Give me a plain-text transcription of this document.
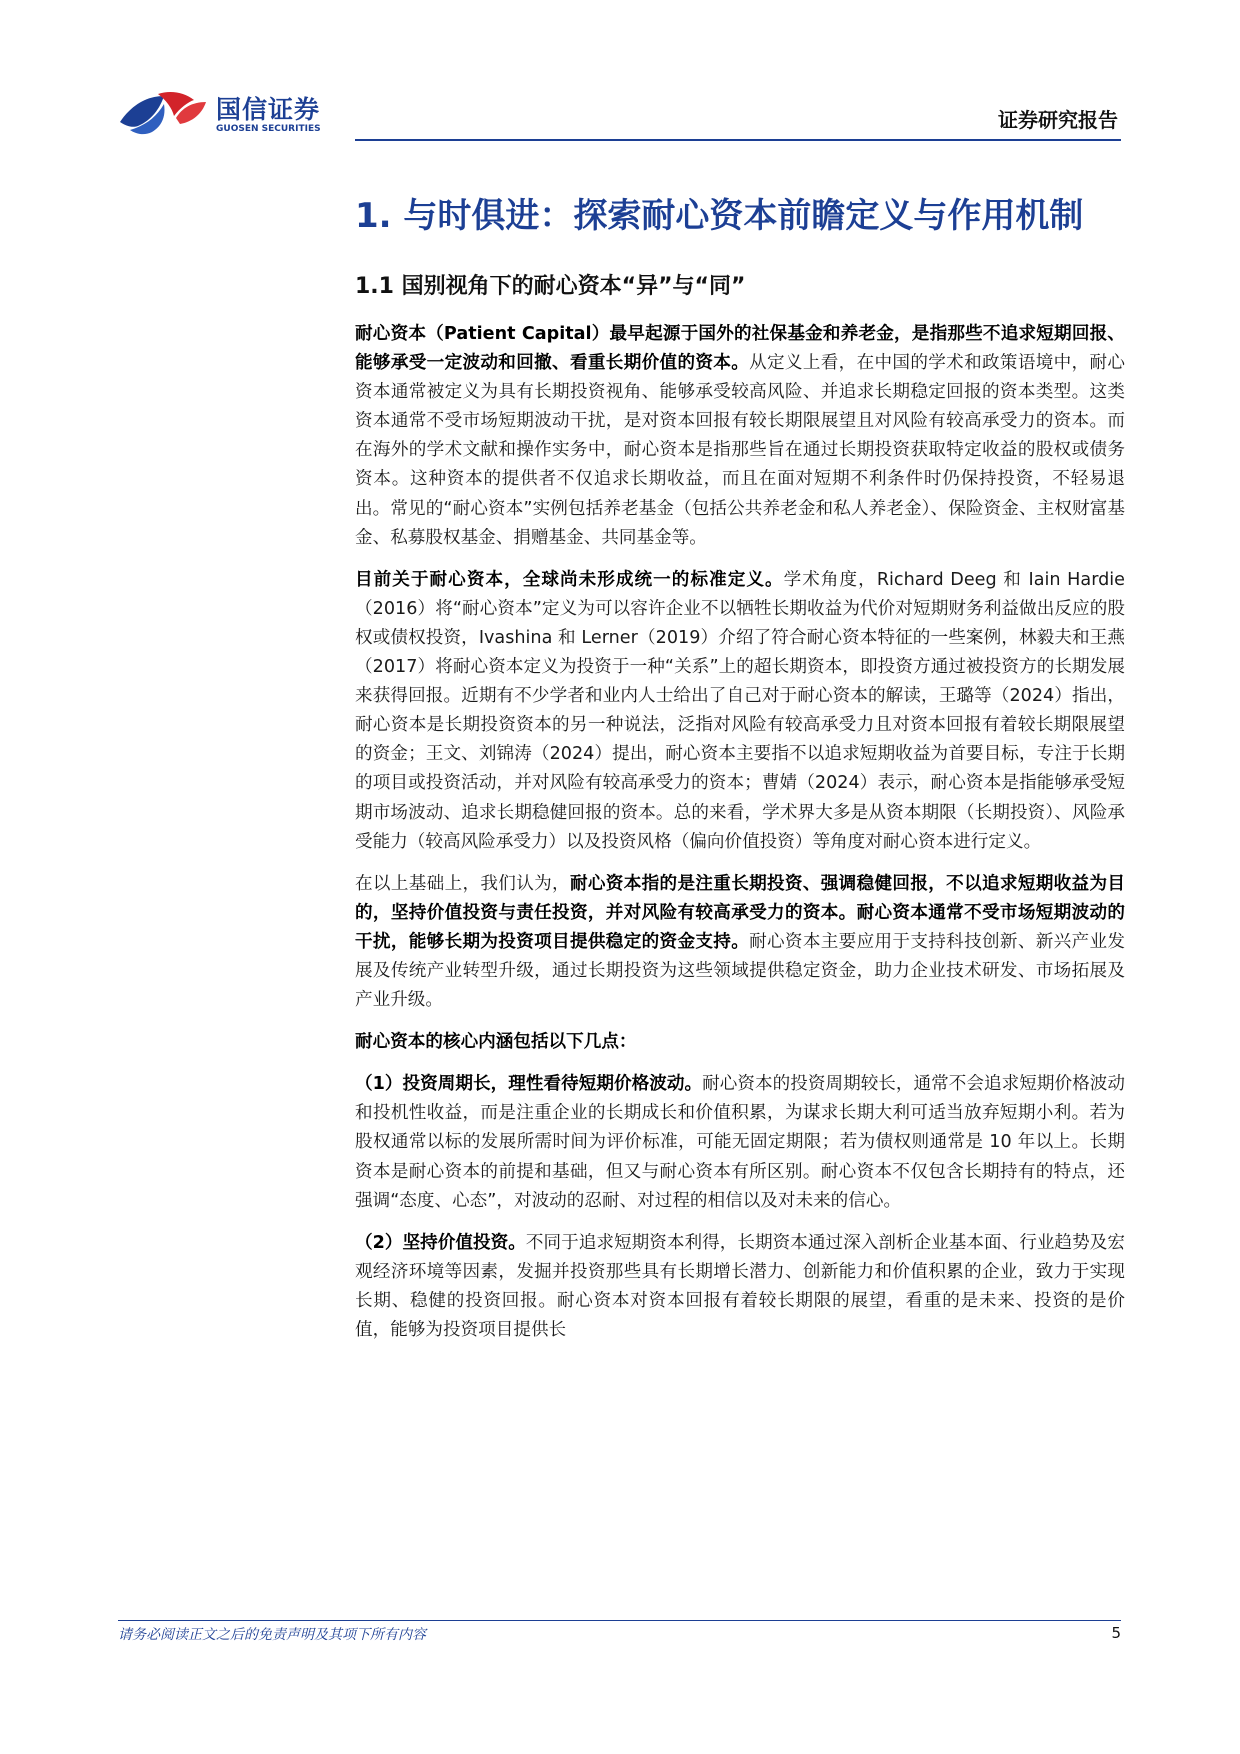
国信证券
GUOSEN SECURITIES	证券研究报告
1. 与时俱进：探索耐心资本前瞻定义与作用机制
1.1 国别视角下的耐心资本“异”与“同”

耐心资本（Patient Capital）最早起源于国外的社保基金和养老金，是指那些不追求短期回报、能够承受一定波动和回撤、看重长期价值的资本。从定义上看，在中国的学术和政策语境中，耐心资本通常被定义为具有长期投资视角、能够承受较高风险、并追求长期稳定回报的资本类型。这类资本通常不受市场短期波动干扰，是对资本回报有较长期限展望且对风险有较高承受力的资本。而在海外的学术文献和操作实务中，耐心资本是指那些旨在通过长期投资获取特定收益的股权或债务资本。这种资本的提供者不仅追求长期收益，而且在面对短期不利条件时仍保持投资，不轻易退出。常见的“耐心资本”实例包括养老基金（包括公共养老金和私人养老金）、保险资金、主权财富基金、私募股权基金、捐赠基金、共同基金等。

目前关于耐心资本，全球尚未形成统一的标准定义。学术角度，Richard Deeg 和 Iain Hardie（2016）将“耐心资本”定义为可以容许企业不以牺牲长期收益为代价对短期财务利益做出反应的股权或债权投资，Ivashina 和 Lerner（2019）介绍了符合耐心资本特征的一些案例，林毅夫和王燕（2017）将耐心资本定义为投资于一种“关系”上的超长期资本，即投资方通过被投资方的长期发展来获得回报。近期有不少学者和业内人士给出了自己对于耐心资本的解读，王璐等（2024）指出，耐心资本是长期投资资本的另一种说法，泛指对风险有较高承受力且对资本回报有着较长期限展望的资金；王文、刘锦涛（2024）提出，耐心资本主要指不以追求短期收益为首要目标，专注于长期的项目或投资活动，并对风险有较高承受力的资本；曹婧（2024）表示，耐心资本是指能够承受短期市场波动、追求长期稳健回报的资本。总的来看，学术界大多是从资本期限（长期投资）、风险承受能力（较高风险承受力）以及投资风格（偏向价值投资）等角度对耐心资本进行定义。

在以上基础上，我们认为，耐心资本指的是注重长期投资、强调稳健回报，不以追求短期收益为目的，坚持价值投资与责任投资，并对风险有较高承受力的资本。耐心资本通常不受市场短期波动的干扰，能够长期为投资项目提供稳定的资金支持。耐心资本主要应用于支持科技创新、新兴产业发展及传统产业转型升级，通过长期投资为这些领域提供稳定资金，助力企业技术研发、市场拓展及产业升级。

耐心资本的核心内涵包括以下几点：

（1）投资周期长，理性看待短期价格波动。耐心资本的投资周期较长，通常不会追求短期价格波动和投机性收益，而是注重企业的长期成长和价值积累，为谋求长期大利可适当放弃短期小利。若为股权通常以标的发展所需时间为评价标准，可能无固定期限；若为债权则通常是 10 年以上。长期资本是耐心资本的前提和基础，但又与耐心资本有所区别。耐心资本不仅包含长期持有的特点，还强调“态度、心态”，对波动的忍耐、对过程的相信以及对未来的信心。

（2）坚持价值投资。不同于追求短期资本利得，长期资本通过深入剖析企业基本面、行业趋势及宏观经济环境等因素，发掘并投资那些具有长期增长潜力、创新能力和价值积累的企业，致力于实现长期、稳健的投资回报。耐心资本对资本回报有着较长期限的展望，看重的是未来、投资的是价值，能够为投资项目提供长

请务必阅读正文之后的免责声明及其项下所有内容	5
